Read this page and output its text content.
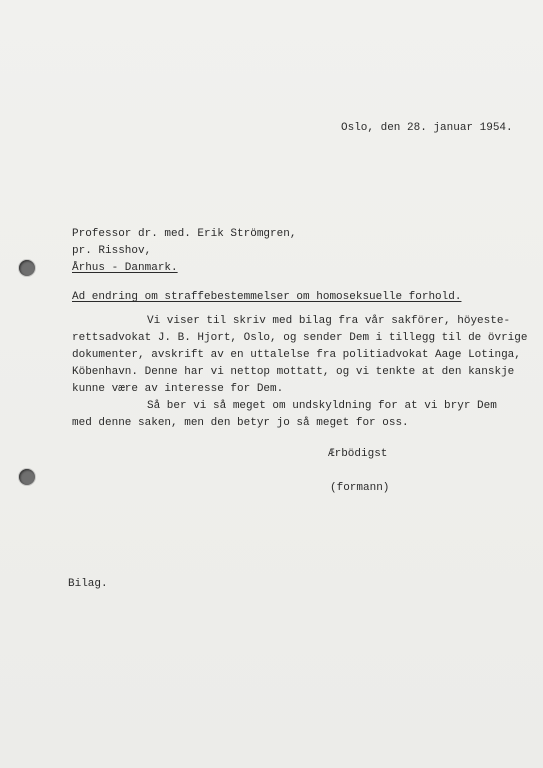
Oslo, den 28. januar 1954.
Professor dr. med. Erik Strömgren,
pr. Risshov,
Århus - Danmark.
Ad endring om straffebestemmelser om homoseksuelle forhold.
Vi viser til skriv med bilag fra vår sakförer, höyeste-
rettsadvokat J. B. Hjort, Oslo, og sender Dem i tillegg til de övrige
dokumenter, avskrift av en uttalelse fra politiadvokat Aage Lotinga,
Köbenhavn. Denne har vi nettop mottatt, og vi tenkte at den kanskje
kunne være av interesse for Dem.
Så ber vi så meget om undskyldning for at vi bryr Dem
med denne saken, men den betyr jo så meget for oss.
Ærbödigst
(formann)
Bilag.
